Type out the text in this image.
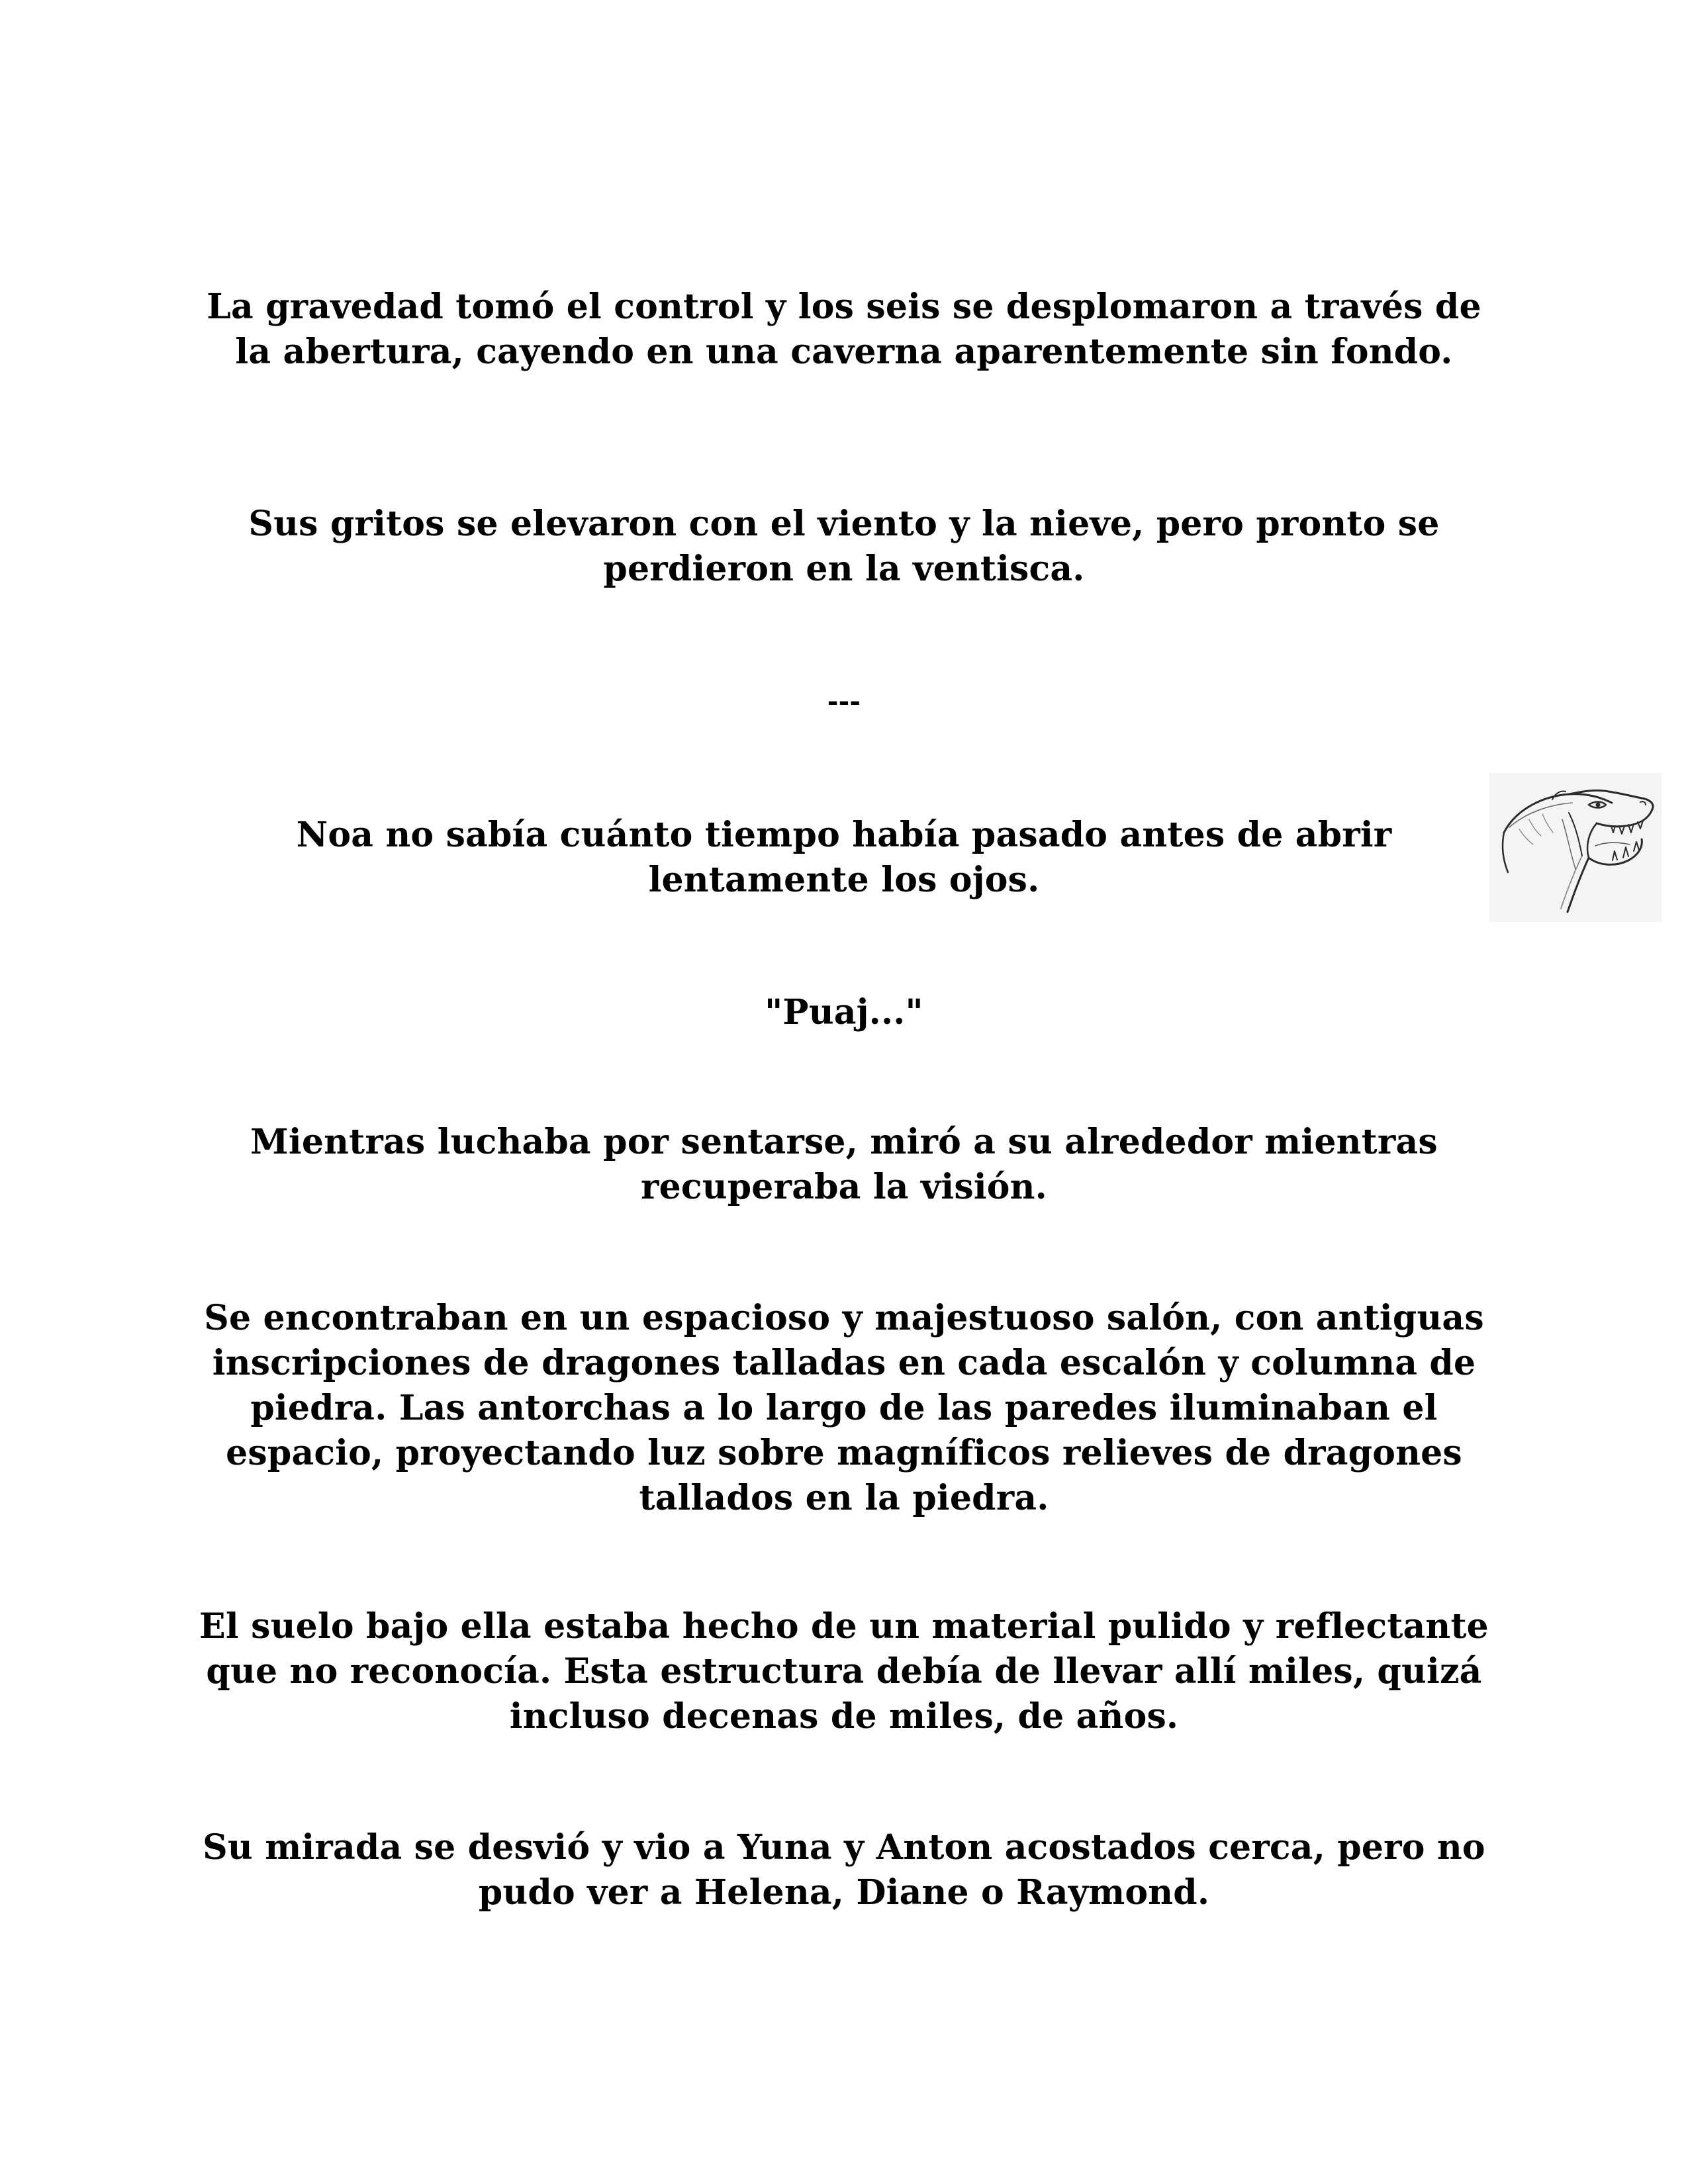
La gravedad tomó el control y los seis se desplomaron a través de la abertura, cayendo en una caverna aparentemente sin fondo.

Sus gritos se elevaron con el viento y la nieve, pero pronto se perdieron en la ventisca.

---

Noa no sabía cuánto tiempo había pasado antes de abrir lentamente los ojos.

"Puaj..."

Mientras luchaba por sentarse, miró a su alrededor mientras recuperaba la visión.

Se encontraban en un espacioso y majestuoso salón, con antiguas inscripciones de dragones talladas en cada escalón y columna de piedra. Las antorchas a lo largo de las paredes iluminaban el espacio, proyectando luz sobre magníficos relieves de dragones tallados en la piedra.

El suelo bajo ella estaba hecho de un material pulido y reflectante que no reconocía. Esta estructura debía de llevar allí miles, quizá incluso decenas de miles, de años.

Su mirada se desvió y vio a Yuna y Anton acostados cerca, pero no pudo ver a Helena, Diane o Raymond.
